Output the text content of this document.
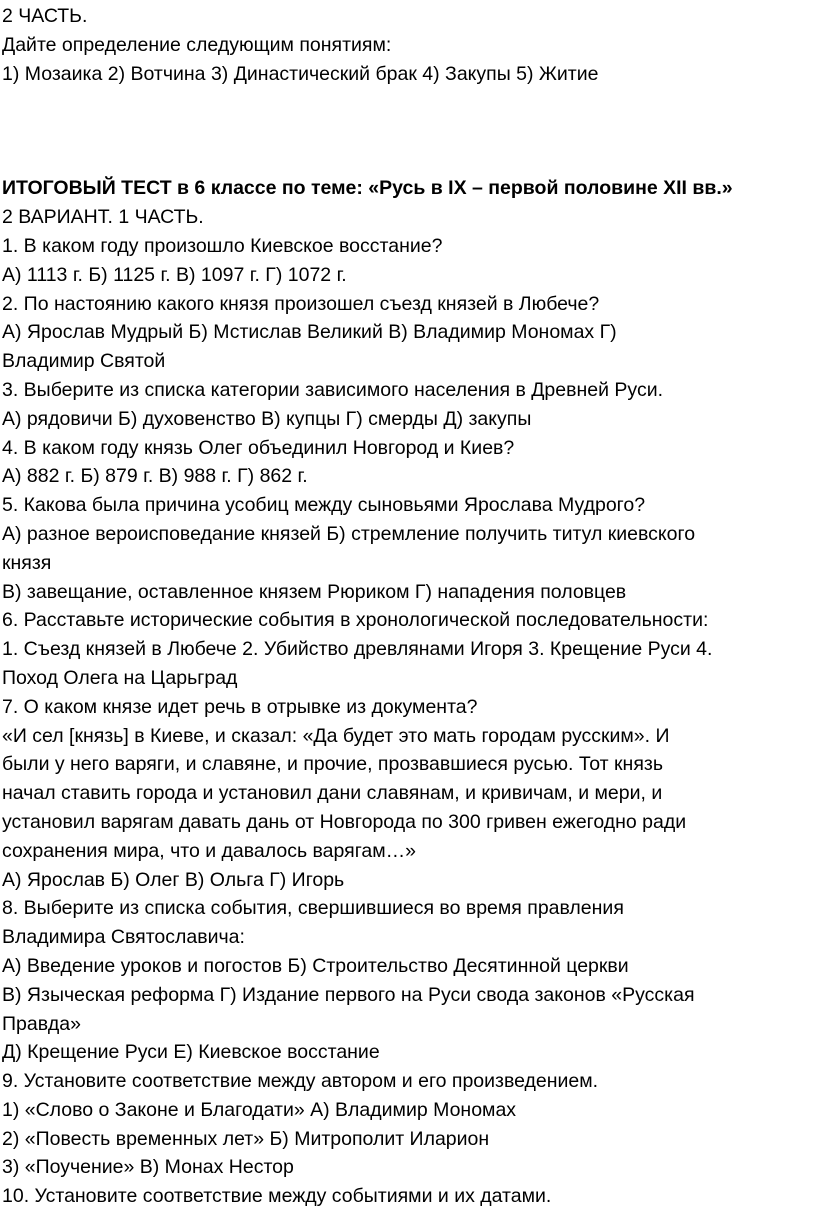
2 ЧАСТЬ.
Дайте определение следующим понятиям:
1) Мозаика 2) Вотчина 3) Династический брак 4) Закупы 5) Житие
ИТОГОВЫЙ ТЕСТ в 6 классе по теме: «Русь в IX – первой половине XII вв.»
2 ВАРИАНТ. 1 ЧАСТЬ.
1. В каком году произошло Киевское восстание?
А) 1113 г. Б) 1125 г. В) 1097 г. Г) 1072 г.
2. По настоянию какого князя произошел съезд князей в Любече?
А) Ярослав Мудрый Б) Мстислав Великий В) Владимир Мономах Г)
Владимир Святой
3. Выберите из списка категории зависимого населения в Древней Руси.
А) рядовичи Б) духовенство В) купцы Г) смерды Д) закупы
4. В каком году князь Олег объединил Новгород и Киев?
А) 882 г. Б) 879 г. В) 988 г. Г) 862 г.
5. Какова была причина усобиц между сыновьями Ярослава Мудрого?
А) разное вероисповедание князей Б) стремление получить титул киевского
князя
В) завещание, оставленное князем Рюриком Г) нападения половцев
6. Расставьте исторические события в хронологической последовательности:
1. Съезд князей в Любече 2. Убийство древлянами Игоря 3. Крещение Руси 4.
Поход Олега на Царьград
7. О каком князе идет речь в отрывке из документа?
«И сел [князь] в Киеве, и сказал: «Да будет это мать городам русским». И
были у него варяги, и славяне, и прочие, прозвавшиеся русью. Тот князь
начал ставить города и установил дани славянам, и кривичам, и мери, и
установил варягам давать дань от Новгорода по 300 гривен ежегодно ради
сохранения мира, что и давалось варягам…»
А) Ярослав Б) Олег В) Ольга Г) Игорь
8. Выберите из списка события, свершившиеся во время правления
Владимира Святославича:
А) Введение уроков и погостов Б) Строительство Десятинной церкви
В) Языческая реформа Г) Издание первого на Руси свода законов «Русская
Правда»
Д) Крещение Руси Е) Киевское восстание
9. Установите соответствие между автором и его произведением.
1) «Слово о Законе и Благодати» А) Владимир Мономах
2) «Повесть временных лет» Б) Митрополит Иларион
3) «Поучение» В) Монах Нестор
10. Установите соответствие между событиями и их датами.
